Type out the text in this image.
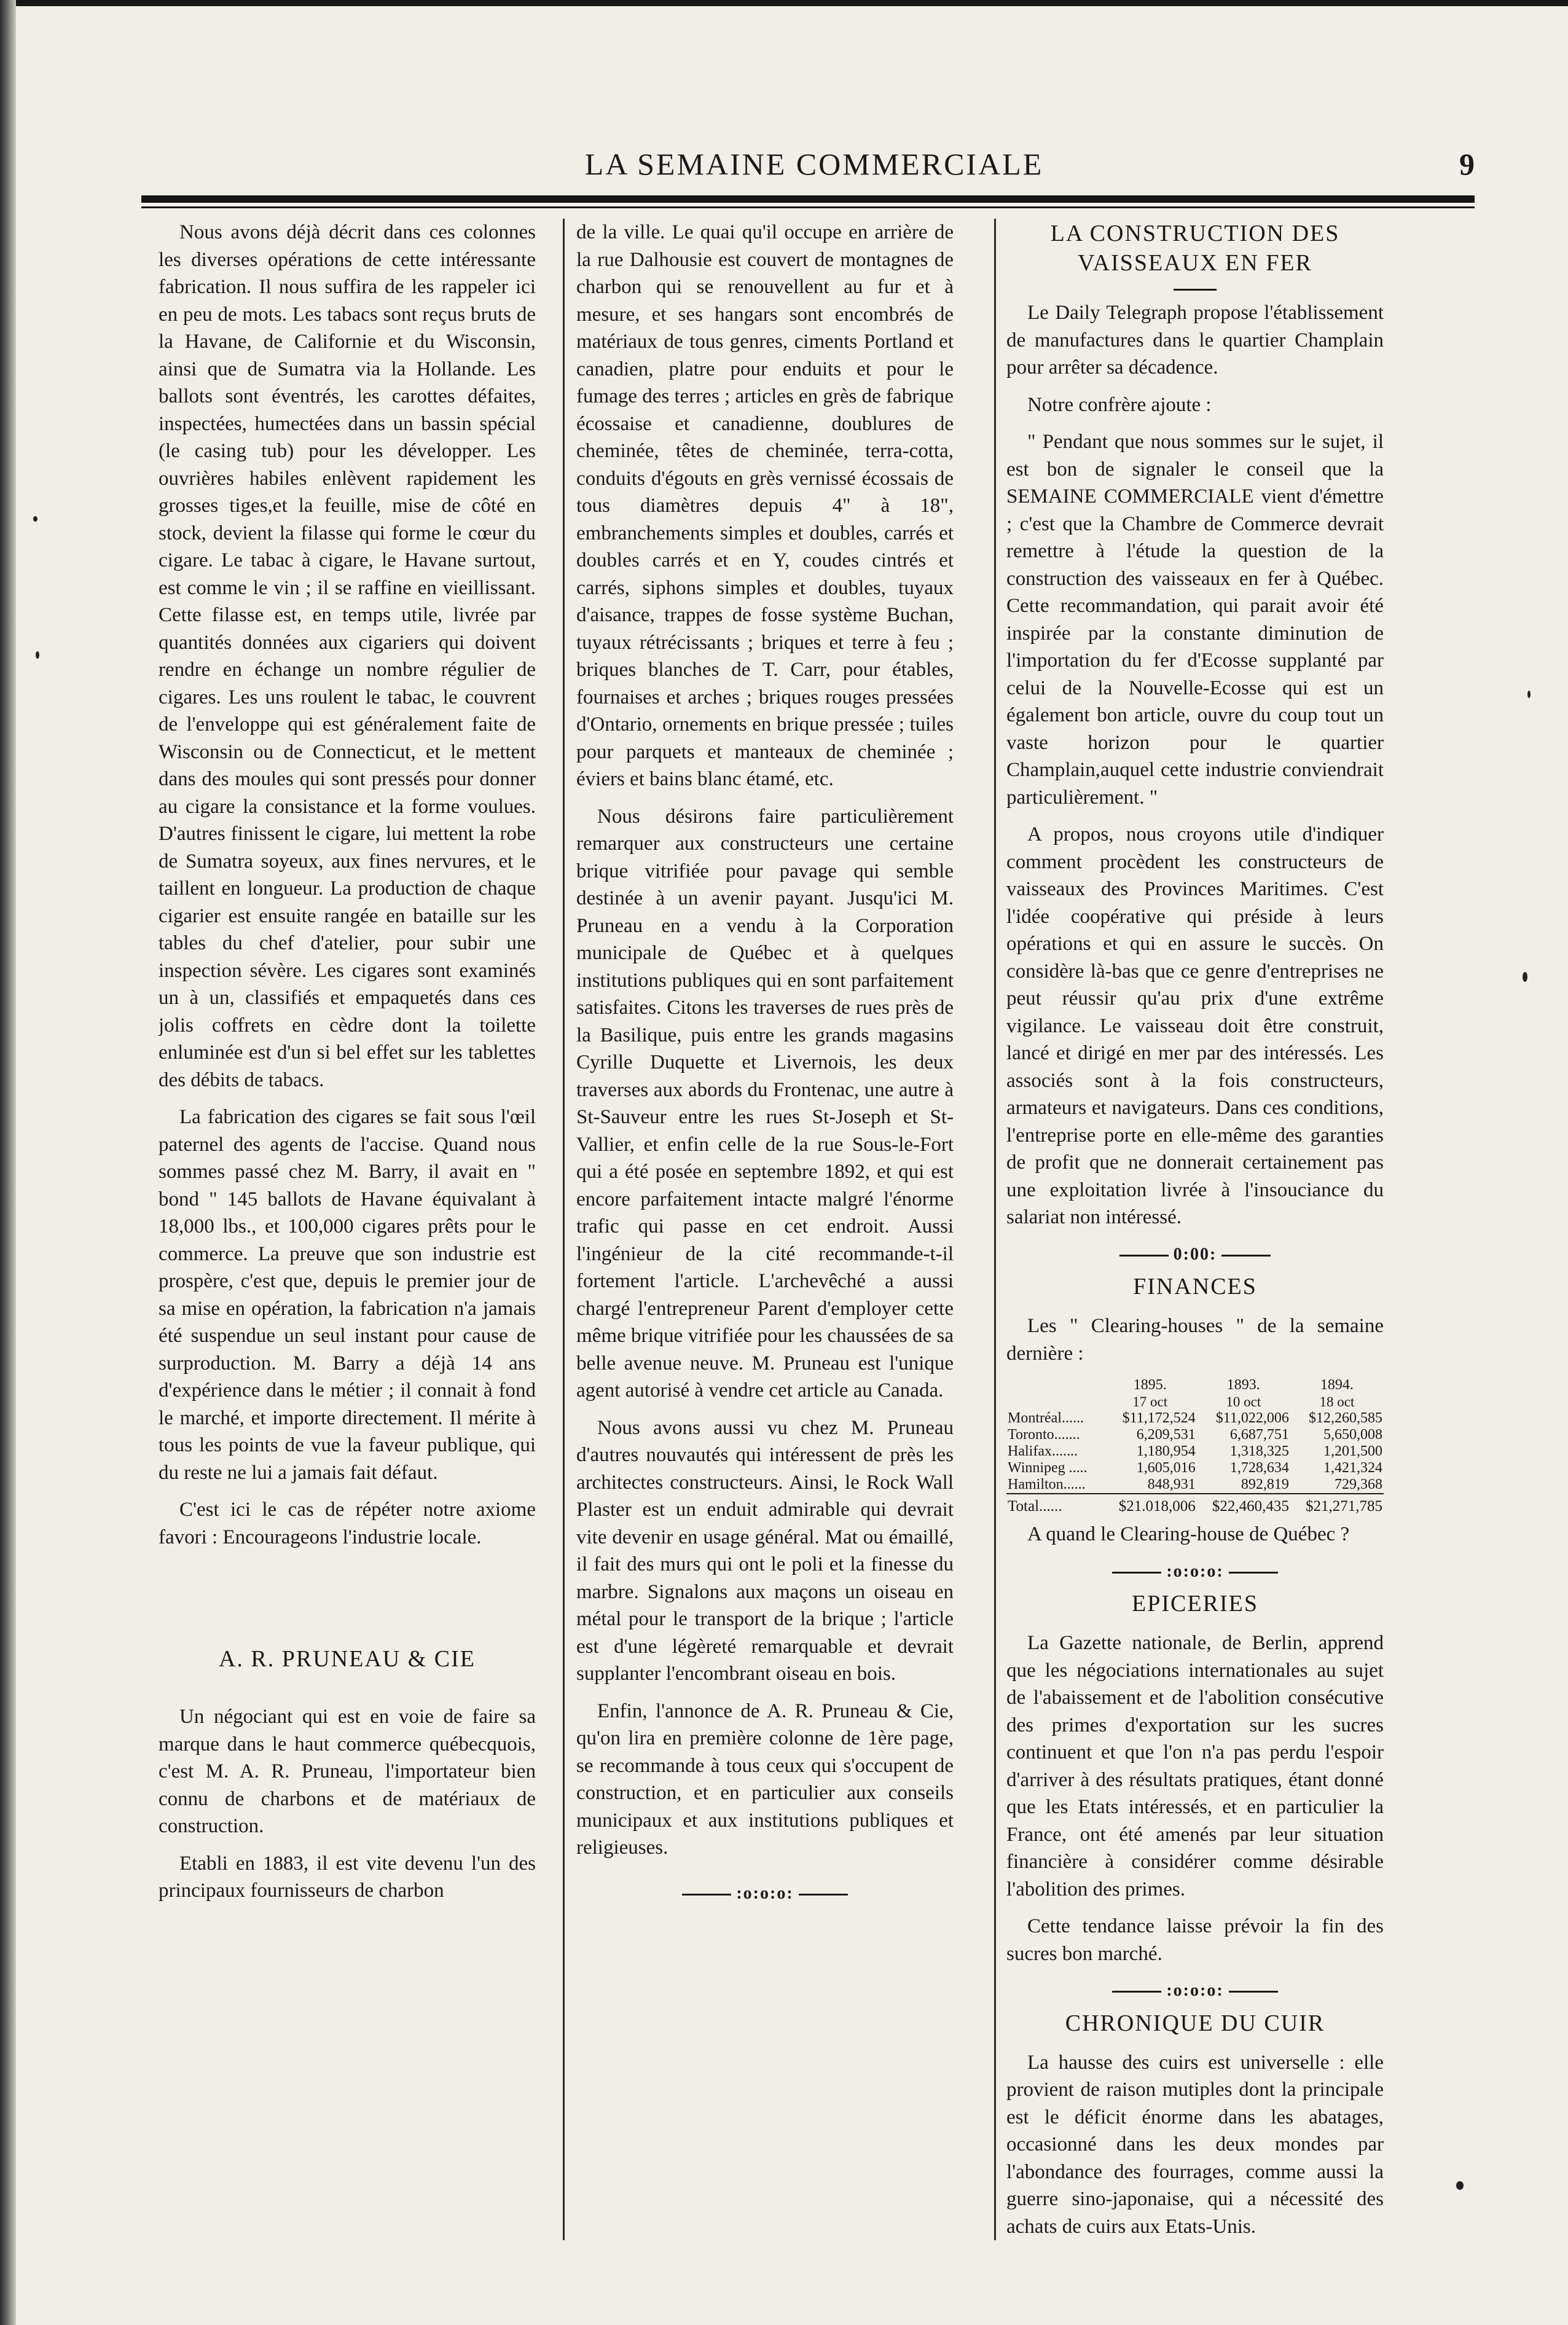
LA SEMAINE COMMERCIALE	9

Nous avons déjà décrit dans ces colonnes les diverses opérations de cette intéressante fabrication. Il nous suffira de les rappeler ici en peu de mots. Les tabacs sont reçus bruts de la Havane, de Californie et du Wisconsin, ainsi que de Sumatra via la Hollande. Les ballots sont éventrés, les carottes défaites, inspectées, humectées dans un bassin spécial (le casing tub) pour les développer. Les ouvrières habiles enlèvent rapidement les grosses tiges,et la feuille, mise de côté en stock, devient la filasse qui forme le cœur du cigare. Le tabac à cigare, le Havane surtout, est comme le vin ; il se raffine en vieillissant. Cette filasse est, en temps utile, livrée par quantités données aux cigariers qui doivent rendre en échange un nombre régulier de cigares. Les uns roulent le tabac, le couvrent de l'enveloppe qui est généralement faite de Wisconsin ou de Connecticut, et le mettent dans des moules qui sont pressés pour donner au cigare la consistance et la forme voulues. D'autres finissent le cigare, lui mettent la robe de Sumatra soyeux, aux fines nervures, et le taillent en longueur. La production de chaque cigarier est ensuite rangée en bataille sur les tables du chef d'atelier, pour subir une inspection sévère. Les cigares sont examinés un à un, classifiés et empaquetés dans ces jolis coffrets en cèdre dont la toilette enluminée est d'un si bel effet sur les tablettes des débits de tabacs.

La fabrication des cigares se fait sous l'œil paternel des agents de l'accise. Quand nous sommes passé chez M. Barry, il avait en " bond " 145 ballots de Havane équivalant à 18,000 lbs., et 100,000 cigares prêts pour le commerce. La preuve que son industrie est prospère, c'est que, depuis le premier jour de sa mise en opération, la fabrication n'a jamais été suspendue un seul instant pour cause de surproduction. M. Barry a déjà 14 ans d'expérience dans le métier ; il connait à fond le marché, et importe directement. Il mérite à tous les points de vue la faveur publique, qui du reste ne lui a jamais fait défaut.

C'est ici le cas de répéter notre axiome favori : Encourageons l'industrie locale.

A. R. PRUNEAU & CIE

Un négociant qui est en voie de faire sa marque dans le haut commerce québecquois, c'est M. A. R. Pruneau, l'importateur bien connu de charbons et de matériaux de construction.

Etabli en 1883, il est vite devenu l'un des principaux fournisseurs de charbon

de la ville. Le quai qu'il occupe en arrière de la rue Dalhousie est couvert de montagnes de charbon qui se renouvellent au fur et à mesure, et ses hangars sont encombrés de matériaux de tous genres, ciments Portland et canadien, platre pour enduits et pour le fumage des terres ; articles en grès de fabrique écossaise et canadienne, doublures de cheminée, têtes de cheminée, terra-cotta, conduits d'égouts en grès vernissé écossais de tous diamètres depuis 4" à 18", embranchements simples et doubles, carrés et doubles carrés et en Y, coudes cintrés et carrés, siphons simples et doubles, tuyaux d'aisance, trappes de fosse système Buchan, tuyaux rétrécissants ; briques et terre à feu ; briques blanches de T. Carr, pour étables, fournaises et arches ; briques rouges pressées d'Ontario, ornements en brique pressée ; tuiles pour parquets et manteaux de cheminée ; éviers et bains blanc étamé, etc.

Nous désirons faire particulièrement remarquer aux constructeurs une certaine brique vitrifiée pour pavage qui semble destinée à un avenir payant. Jusqu'ici M. Pruneau en a vendu à la Corporation municipale de Québec et à quelques institutions publiques qui en sont parfaitement satisfaites. Citons les traverses de rues près de la Basilique, puis entre les grands magasins Cyrille Duquette et Livernois, les deux traverses aux abords du Frontenac, une autre à St-Sauveur entre les rues St-Joseph et St-Vallier, et enfin celle de la rue Sous-le-Fort qui a été posée en septembre 1892, et qui est encore parfaitement intacte malgré l'énorme trafic qui passe en cet endroit. Aussi l'ingénieur de la cité recommande-t-il fortement l'article. L'archevêché a aussi chargé l'entrepreneur Parent d'employer cette même brique vitrifiée pour les chaussées de sa belle avenue neuve. M. Pruneau est l'unique agent autorisé à vendre cet article au Canada.

Nous avons aussi vu chez M. Pruneau d'autres nouvautés qui intéressent de près les architectes constructeurs. Ainsi, le Rock Wall Plaster est un enduit admirable qui devrait vite devenir en usage général. Mat ou émaillé, il fait des murs qui ont le poli et la finesse du marbre. Signalons aux maçons un oiseau en métal pour le transport de la brique ; l'article est d'une légèreté remarquable et devrait supplanter l'encombrant oiseau en bois.

Enfin, l'annonce de A. R. Pruneau & Cie, qu'on lira en première colonne de 1ère page, se recommande à tous ceux qui s'occupent de construction, et en particulier aux conseils municipaux et aux institutions publiques et religieuses.

:o:o:o:
LA CONSTRUCTION DES VAISSEAUX EN FER

Le Daily Telegraph propose l'établissement de manufactures dans le quartier Champlain pour arrêter sa décadence.

Notre confrère ajoute :

" Pendant que nous sommes sur le sujet, il est bon de signaler le conseil que la SEMAINE COMMERCIALE vient d'émettre ; c'est que la Chambre de Commerce devrait remettre à l'étude la question de la construction des vaisseaux en fer à Québec. Cette recommandation, qui parait avoir été inspirée par la constante diminution de l'importation du fer d'Ecosse supplanté par celui de la Nouvelle-Ecosse qui est un également bon article, ouvre du coup tout un vaste horizon pour le quartier Champlain,auquel cette industrie conviendrait particulièrement. "

A propos, nous croyons utile d'indiquer comment procèdent les constructeurs de vaisseaux des Provinces Maritimes. C'est l'idée coopérative qui préside à leurs opérations et qui en assure le succès. On considère là-bas que ce genre d'entreprises ne peut réussir qu'au prix d'une extrême vigilance. Le vaisseau doit être construit, lancé et dirigé en mer par des intéressés. Les associés sont à la fois constructeurs, armateurs et navigateurs. Dans ces conditions, l'entreprise porte en elle-même des garanties de profit que ne donnerait certainement pas une exploitation livrée à l'insouciance du salariat non intéressé.

0:00:
FINANCES

Les " Clearing-houses " de la semaine dernière :

	1895.	1893.	1894.
	17 oct	10 oct	18 oct
Montréal......	$11,172,524	$11,022,006	$12,260,585
Toronto.......	6,209,531	6,687,751	5,650,008
Halifax.......	1,180,954	1,318,325	1,201,500
Winnipeg .....	1,605,016	1,728,634	1,421,324
Hamilton......	848,931	892,819	729,368
Total......	$21.018,006	$22,460,435	$21,271,785

A quand le Clearing-house de Québec ?

:o:o:o:
EPICERIES

La Gazette nationale, de Berlin, apprend que les négociations internationales au sujet de l'abaissement et de l'abolition consécutive des primes d'exportation sur les sucres continuent et que l'on n'a pas perdu l'espoir d'arriver à des résultats pratiques, étant donné que les Etats intéressés, et en particulier la France, ont été amenés par leur situation financière à considérer comme désirable l'abolition des primes.

Cette tendance laisse prévoir la fin des sucres bon marché.

:o:o:o:
CHRONIQUE DU CUIR

La hausse des cuirs est universelle : elle provient de raison mutiples dont la principale est le déficit énorme dans les abatages, occasionné dans les deux mondes par l'abondance des fourrages, comme aussi la guerre sino-japonaise, qui a nécessité des achats de cuirs aux Etats-Unis.
